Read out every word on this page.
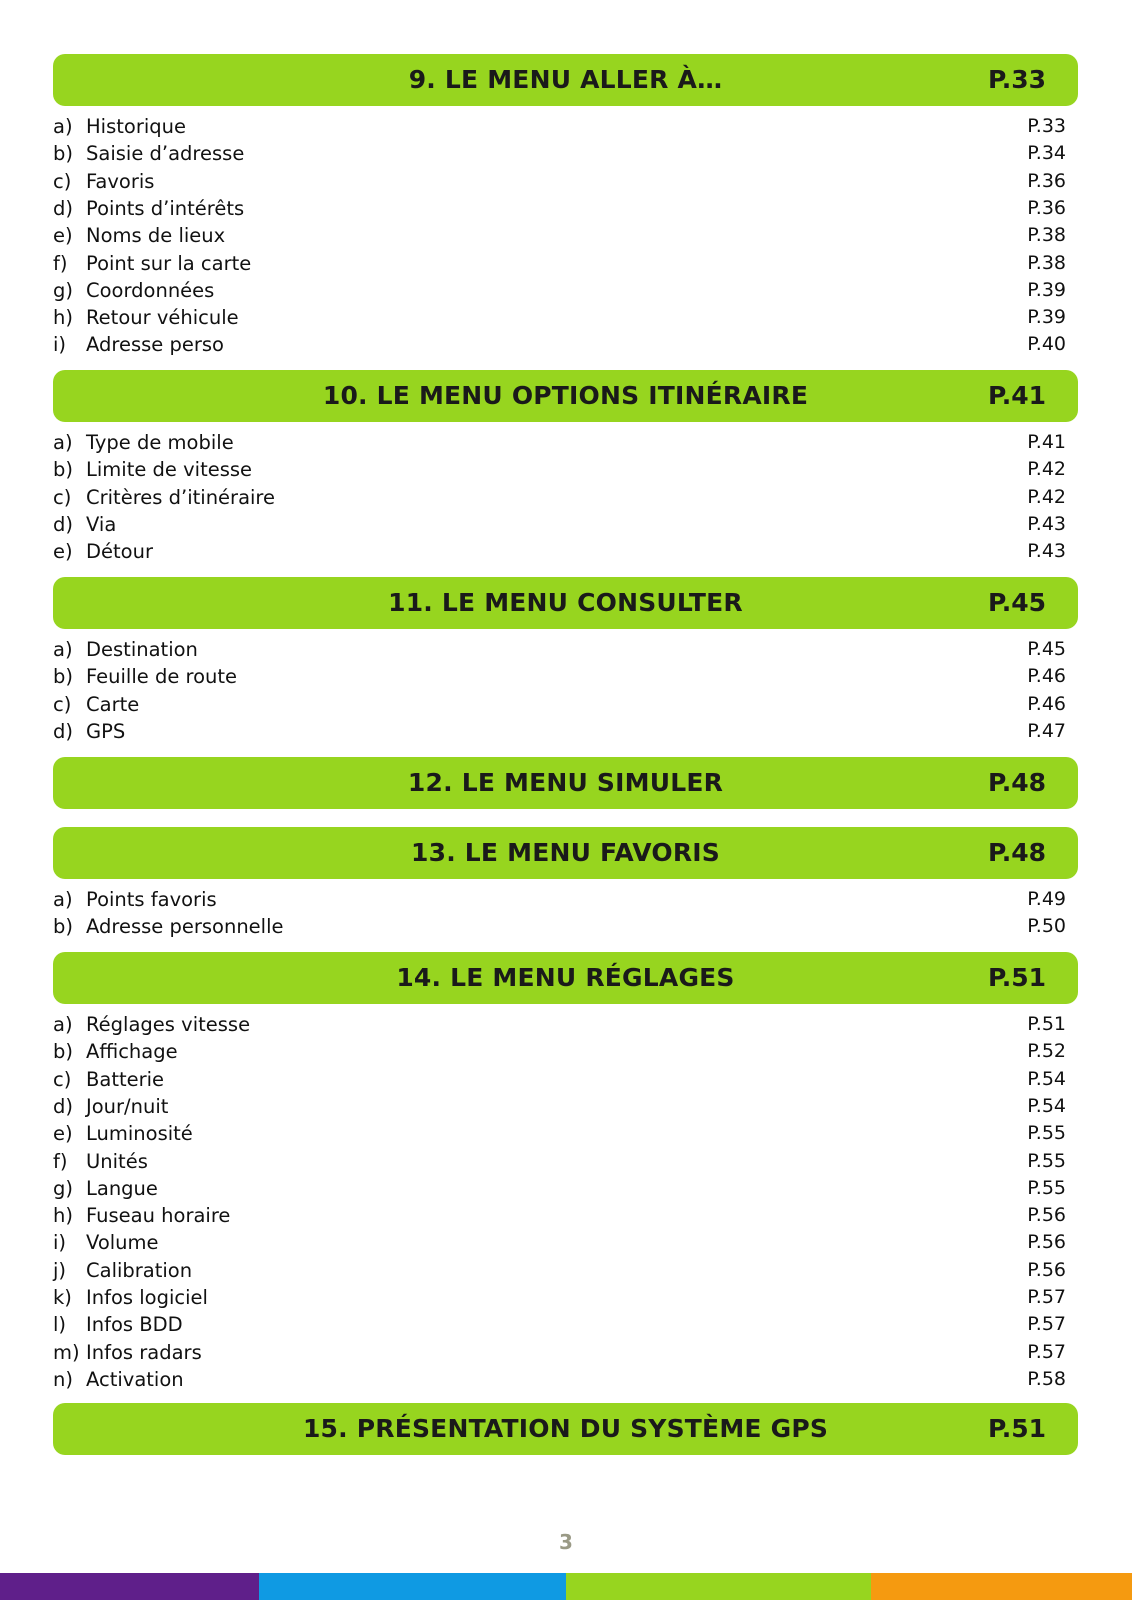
9. LE MENU ALLER À…	P.33
a) Historique	P.33
b) Saisie d’adresse	P.34
c) Favoris	P.36
d) Points d’intérêts	P.36
e) Noms de lieux	P.38
f) Point sur la carte	P.38
g) Coordonnées	P.39
h) Retour véhicule	P.39
i) Adresse perso	P.40
10. LE MENU OPTIONS ITINÉRAIRE	P.41
a) Type de mobile	P.41
b) Limite de vitesse	P.42
c) Critères d’itinéraire	P.42
d) Via	P.43
e) Détour	P.43
11. LE MENU CONSULTER	P.45
a) Destination	P.45
b) Feuille de route	P.46
c) Carte	P.46
d) GPS	P.47
12. LE MENU SIMULER	P.48
13. LE MENU FAVORIS	P.48
a) Points favoris	P.49
b) Adresse personnelle	P.50
14. LE MENU RÉGLAGES	P.51
a) Réglages vitesse	P.51
b) Affichage	P.52
c) Batterie	P.54
d) Jour/nuit	P.54
e) Luminosité	P.55
f) Unités	P.55
g) Langue	P.55
h) Fuseau horaire	P.56
i) Volume	P.56
j) Calibration	P.56
k) Infos logiciel	P.57
l) Infos BDD	P.57
m) Infos radars	P.57
n) Activation	P.58
15. PRÉSENTATION DU SYSTÈME GPS	P.51
3
